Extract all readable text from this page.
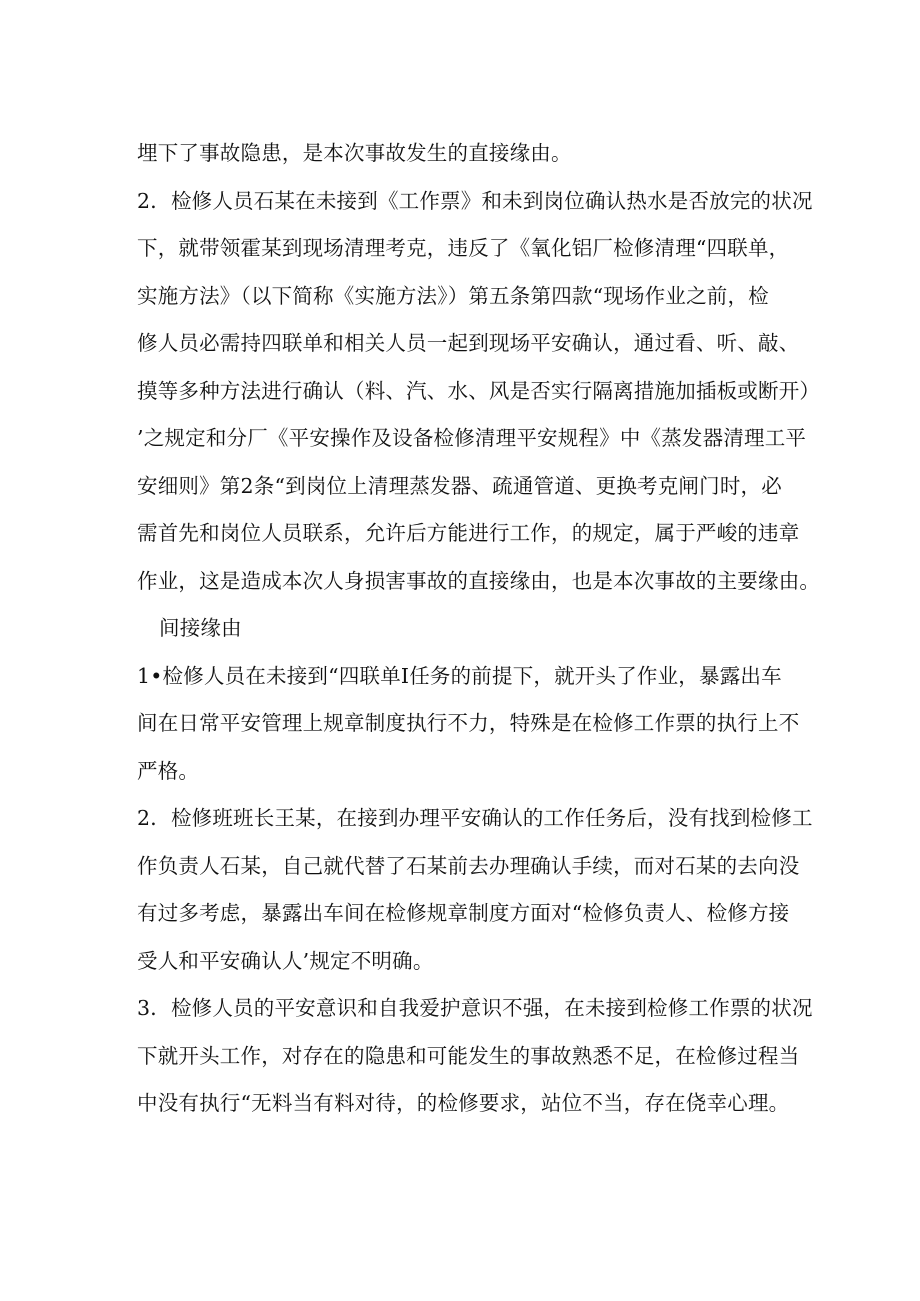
埋下了事故隐患，是本次事故发生的直接缘由。
2．检修人员石某在未接到《工作票》和未到岗位确认热水是否放完的状况
下，就带领霍某到现场清理考克，违反了《氧化铝厂检修清理“四联单，
实施方法》（以下简称《实施方法》）第五条第四款“现场作业之前，检
修人员必需持四联单和相关人员一起到现场平安确认，通过看、听、敲、
摸等多种方法进行确认（料、汽、水、风是否实行隔离措施加插板或断开）
’之规定和分厂《平安操作及设备检修清理平安规程》中《蒸发器清理工平
安细则》第2条“到岗位上清理蒸发器、疏通管道、更换考克闸门时，必
需首先和岗位人员联系，允许后方能进行工作，的规定，属于严峻的违章
作业，这是造成本次人身损害事故的直接缘由，也是本次事故的主要缘由。
间接缘由
1•检修人员在未接到“四联单I任务的前提下，就开头了作业，暴露出车
间在日常平安管理上规章制度执行不力，特殊是在检修工作票的执行上不
严格。
2．检修班班长王某，在接到办理平安确认的工作任务后，没有找到检修工
作负责人石某，自己就代替了石某前去办理确认手续，而对石某的去向没
有过多考虑，暴露出车间在检修规章制度方面对“检修负责人、检修方接
受人和平安确认人’规定不明确。
3．检修人员的平安意识和自我爱护意识不强，在未接到检修工作票的状况
下就开头工作，对存在的隐患和可能发生的事故熟悉不足，在检修过程当
中没有执行“无料当有料对待，的检修要求，站位不当，存在侥幸心理。
